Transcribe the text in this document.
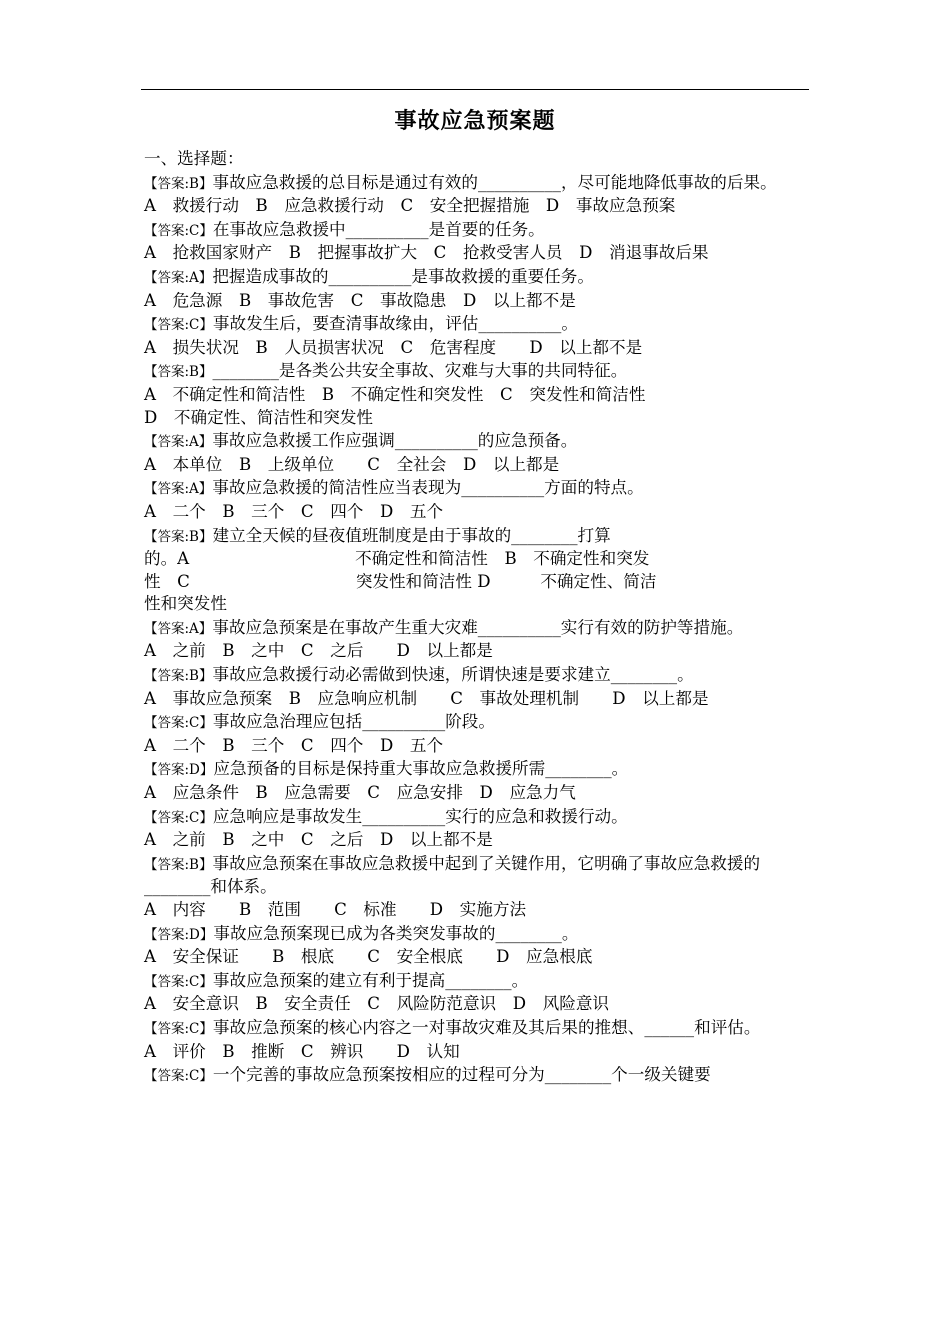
事故应急预案题
一、选择题：
【答案:B】事故应急救援的总目标是通过有效的__________，尽可能地降低事故的后果。
A　救援行动　B　应急救援行动　C　安全把握措施　D　事故应急预案
【答案:C】在事故应急救援中__________是首要的任务。
A　抢救国家财产　B　把握事故扩大　C　抢救受害人员　D　消退事故后果
【答案:A】把握造成事故的__________是事故救援的重要任务。
A　危急源　B　事故危害　C　事故隐患　D　以上都不是
【答案:C】事故发生后，要查清事故缘由，评估__________。
A　损失状况　B　人员损害状况　C　危害程度　　D　以上都不是
【答案:B】________是各类公共安全事故、灾难与大事的共同特征。
A　不确定性和简洁性　B　不确定性和突发性　C　突发性和简洁性
D　不确定性、简洁性和突发性
【答案:A】事故应急救援工作应强调__________的应急预备。
A　本单位　B　上级单位　　C　全社会　D　以上都是
【答案:A】事故应急救援的简洁性应当表现为__________方面的特点。
A　二个　B　三个　C　四个　D　五个
【答案:B】建立全天候的昼夜值班制度是由于事故的________打算
的。A　　　　　　　　　　不确定性和简洁性　B　不确定性和突发
性　C　　　　　　　　　　突发性和简洁性 D　　　不确定性、简洁
性和突发性
【答案:A】事故应急预案是在事故产生重大灾难__________实行有效的防护等措施。
A　之前　B　之中　C　之后　　D　以上都是
【答案:B】事故应急救援行动必需做到快速，所谓快速是要求建立________。
A　事故应急预案　B　应急响应机制　　C　事故处理机制　　D　以上都是
【答案:C】事故应急治理应包括__________阶段。
A　二个　B　三个　C　四个　D　五个
【答案:D】应急预备的目标是保持重大事故应急救援所需________。
A　应急条件　B　应急需要　C　应急安排　D　应急力气
【答案:C】应急响应是事故发生__________实行的应急和救援行动。
A　之前　B　之中　C　之后　D　以上都不是
【答案:B】事故应急预案在事故应急救援中起到了关键作用，它明确了事故应急救援的________和体系。
A　内容　　B　范围　　C　标准　　D　实施方法
【答案:D】事故应急预案现已成为各类突发事故的________。
A　安全保证　　B　根底　　C　安全根底　　D　应急根底
【答案:C】事故应急预案的建立有利于提高________。
A　安全意识　B　安全责任　C　风险防范意识　D　风险意识
【答案:C】事故应急预案的核心内容之一对事故灾难及其后果的推想、______和评估。
A　评价　B　推断　C　辨识　　D　认知
【答案:C】一个完善的事故应急预案按相应的过程可分为________个一级关键要
